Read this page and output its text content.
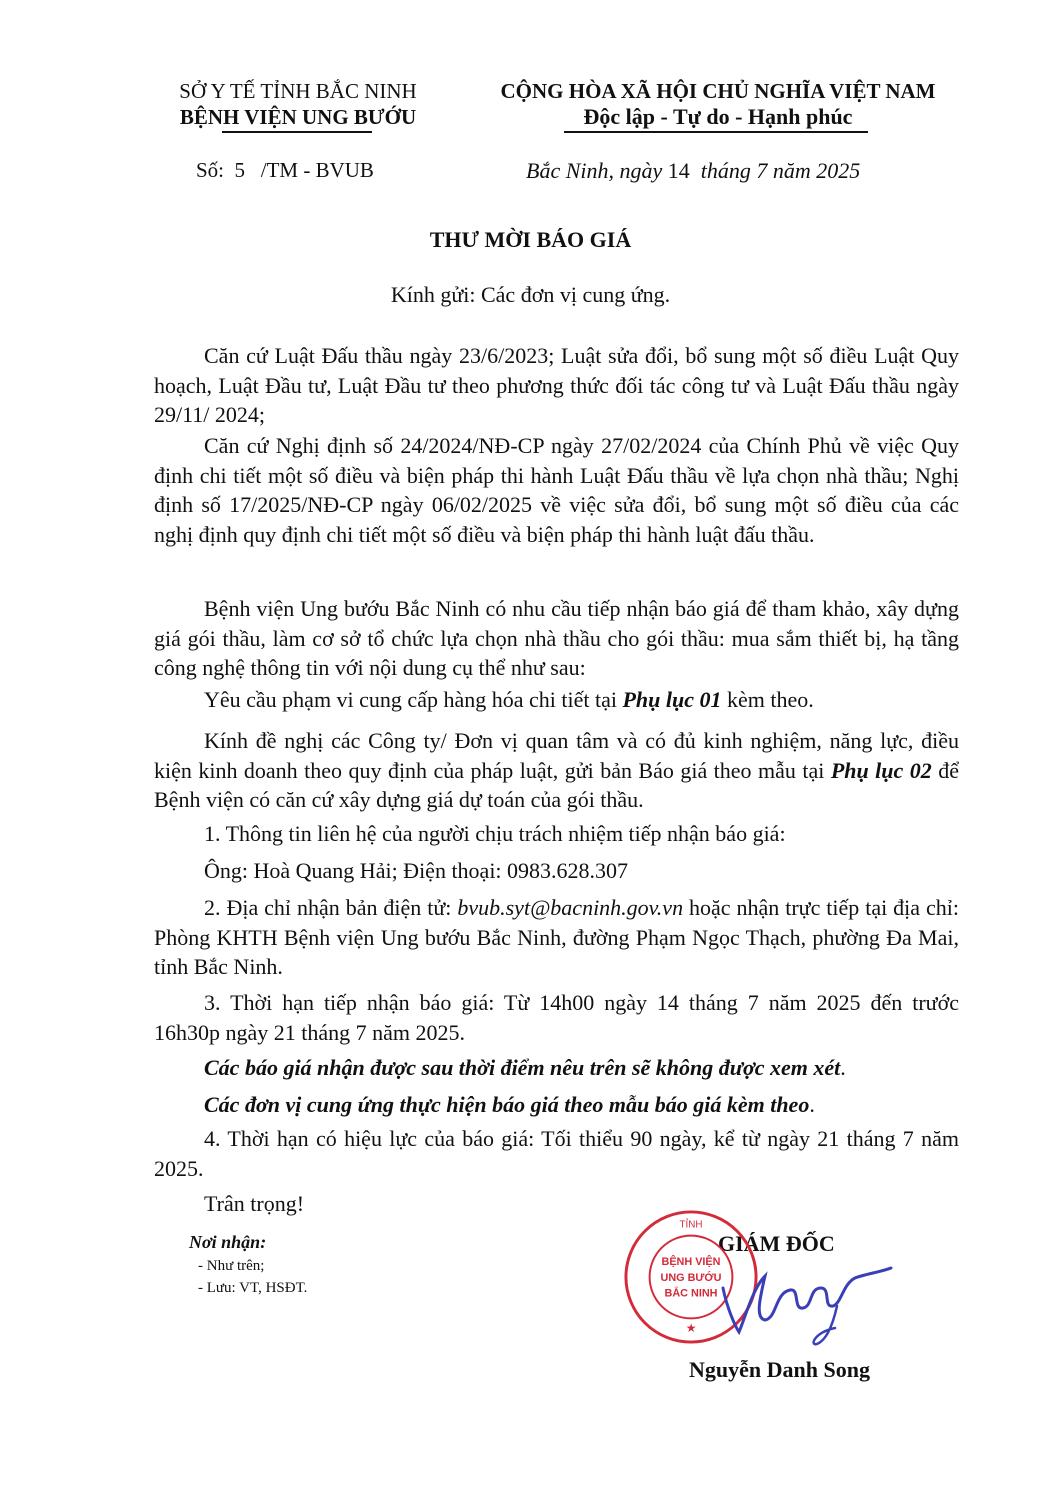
SỞ Y TẾ TỈNH BẮC NINH
BỆNH VIỆN UNG BƯỚU
Số: 5 /TM - BVUB
CỘNG HÒA XÃ HỘI CHỦ NGHĨA VIỆT NAM
Độc lập - Tự do - Hạnh phúc
Bắc Ninh, ngày 14 tháng 7 năm 2025
THƯ MỜI BÁO GIÁ
Kính gửi: Các đơn vị cung ứng.
Căn cứ Luật Đấu thầu ngày 23/6/2023; Luật sửa đổi, bổ sung một số điều Luật Quy hoạch, Luật Đầu tư, Luật Đầu tư theo phương thức đối tác công tư và Luật Đấu thầu ngày 29/11/ 2024;
Căn cứ Nghị định số 24/2024/NĐ-CP ngày 27/02/2024 của Chính Phủ về việc Quy định chi tiết một số điều và biện pháp thi hành Luật Đấu thầu về lựa chọn nhà thầu; Nghị định số 17/2025/NĐ-CP ngày 06/02/2025 về việc sửa đổi, bổ sung một số điều của các nghị định quy định chi tiết một số điều và biện pháp thi hành luật đấu thầu.
Bệnh viện Ung bướu Bắc Ninh có nhu cầu tiếp nhận báo giá để tham khảo, xây dựng giá gói thầu, làm cơ sở tổ chức lựa chọn nhà thầu cho gói thầu: mua sắm thiết bị, hạ tầng công nghệ thông tin với nội dung cụ thể như sau:
Yêu cầu phạm vi cung cấp hàng hóa chi tiết tại Phụ lục 01 kèm theo.
Kính đề nghị các Công ty/ Đơn vị quan tâm và có đủ kinh nghiệm, năng lực, điều kiện kinh doanh theo quy định của pháp luật, gửi bản Báo giá theo mẫu tại Phụ lục 02 để Bệnh viện có căn cứ xây dựng giá dự toán của gói thầu.
1. Thông tin liên hệ của người chịu trách nhiệm tiếp nhận báo giá:
Ông: Hoà Quang Hải; Điện thoại: 0983.628.307
2. Địa chỉ nhận bản điện tử: bvub.syt@bacninh.gov.vn hoặc nhận trực tiếp tại địa chỉ: Phòng KHTH Bệnh viện Ung bướu Bắc Ninh, đường Phạm Ngọc Thạch, phường Đa Mai, tỉnh Bắc Ninh.
3. Thời hạn tiếp nhận báo giá: Từ 14h00 ngày 14 tháng 7 năm 2025 đến trước 16h30p ngày 21 tháng 7 năm 2025.
Các báo giá nhận được sau thời điểm nêu trên sẽ không được xem xét.
Các đơn vị cung ứng thực hiện báo giá theo mẫu báo giá kèm theo.
4. Thời hạn có hiệu lực của báo giá: Tối thiểu 90 ngày, kể từ ngày 21 tháng 7 năm 2025.
Trân trọng!
Nơi nhận:
- Như trên;
- Lưu: VT, HSĐT.
GIÁM ĐỐC
TỈNH
BỆNH VIỆN
UNG BƯỚU
BẮC NINH
★
Nguyễn Danh Song
